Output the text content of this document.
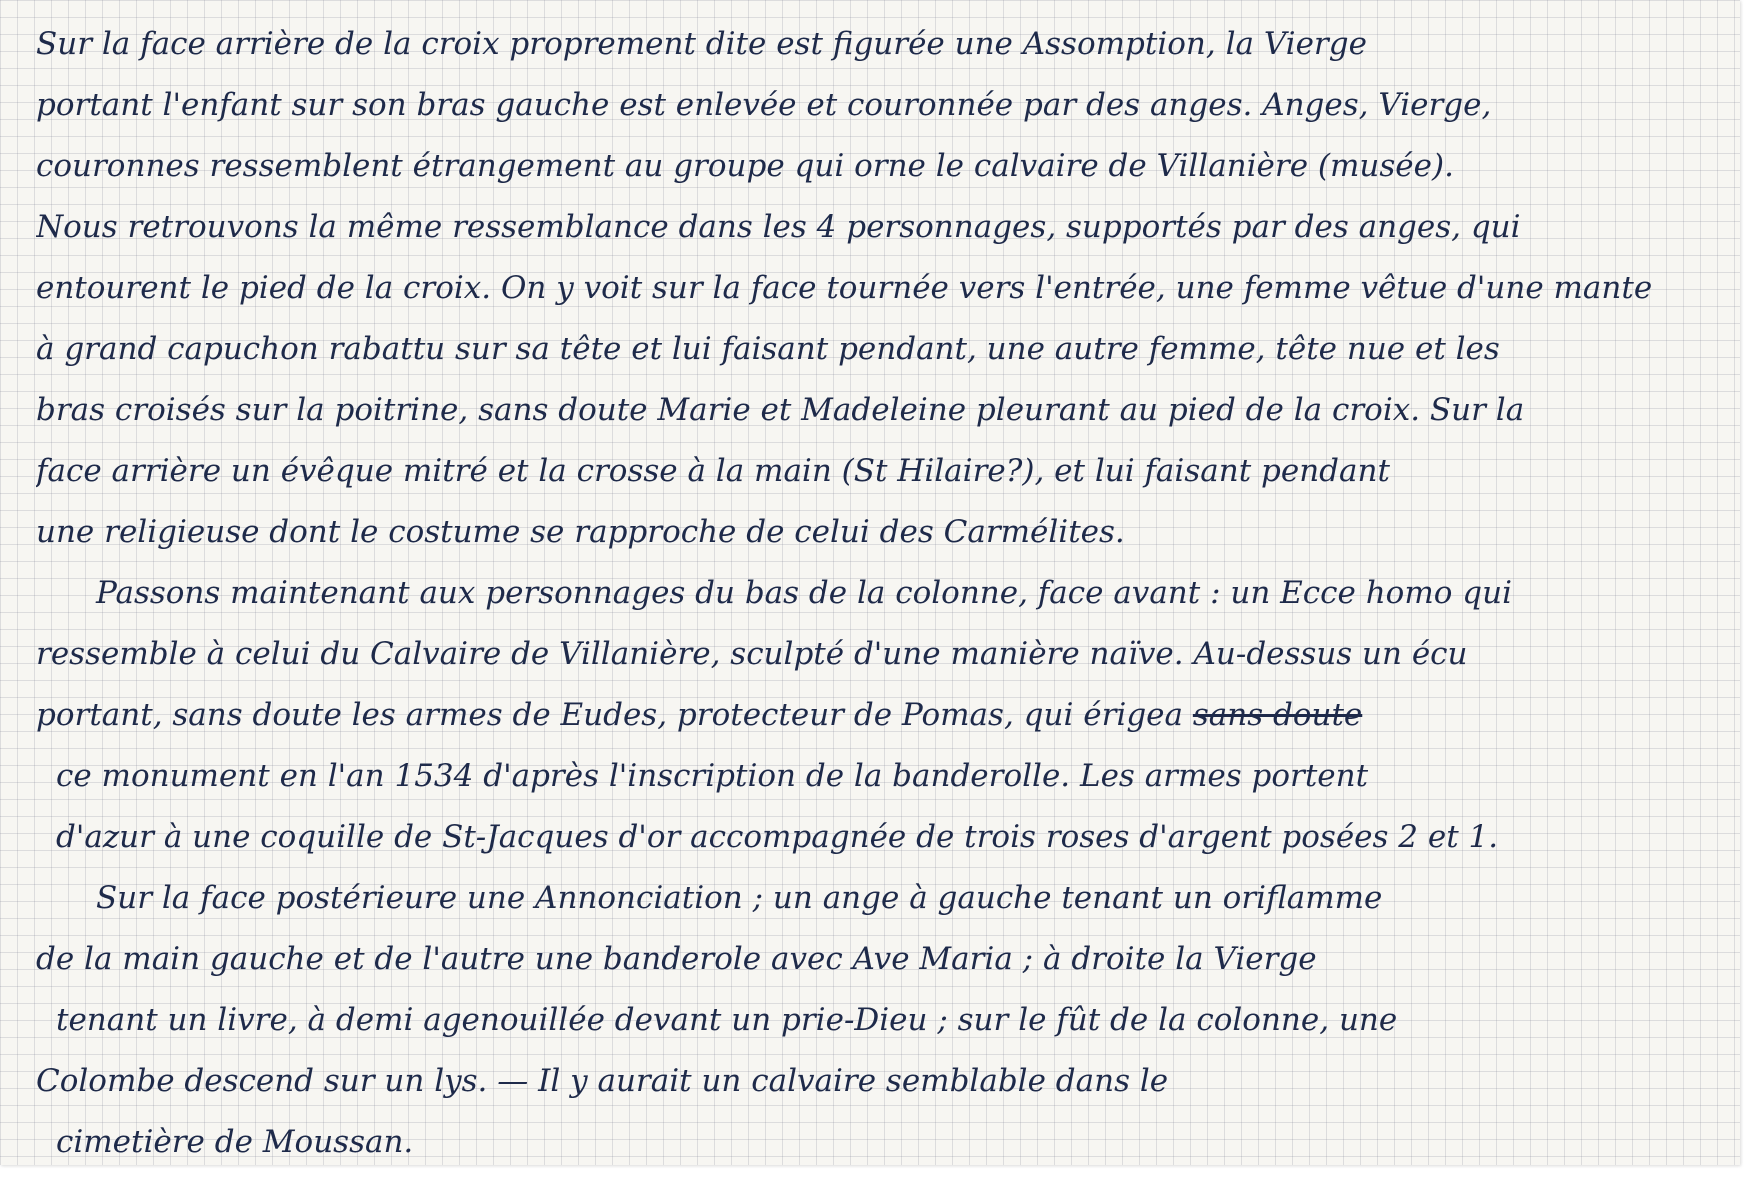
Sur la face arrière de la croix proprement dite est figurée une Assomption, la Vierge
portant l'enfant sur son bras gauche est enlevée et couronnée par des anges. Anges, Vierge,
couronnes ressemblent étrangement au groupe qui orne le calvaire de Villanière (musée).
Nous retrouvons la même ressemblance dans les 4 personnages, supportés par des anges, qui
entourent le pied de la croix. On y voit sur la face tournée vers l'entrée, une femme vêtue d'une mante
à grand capuchon rabattu sur sa tête et lui faisant pendant, une autre femme, tête nue et les
bras croisés sur la poitrine, sans doute Marie et Madeleine pleurant au pied de la croix. Sur la
face arrière un évêque mitré et la crosse à la main (St Hilaire?), et lui faisant pendant
une religieuse dont le costume se rapproche de celui des Carmélites.
Passons maintenant aux personnages du bas de la colonne, face avant : un Ecce homo qui
ressemble à celui du Calvaire de Villanière, sculpté d'une manière naïve. Au-dessus un écu
portant, sans doute les armes de Eudes, protecteur de Pomas, qui érigea sans doute
ce monument en l'an 1534 d'après l'inscription de la banderolle. Les armes portent
d'azur à une coquille de St-Jacques d'or accompagnée de trois roses d'argent posées 2 et 1.
Sur la face postérieure une Annonciation ; un ange à gauche tenant un oriflamme
de la main gauche et de l'autre une banderole avec Ave Maria ; à droite la Vierge
tenant un livre, à demi agenouillée devant un prie-Dieu ; sur le fût de la colonne, une
Colombe descend sur un lys. — Il y aurait un calvaire semblable dans le
cimetière de Moussan.
